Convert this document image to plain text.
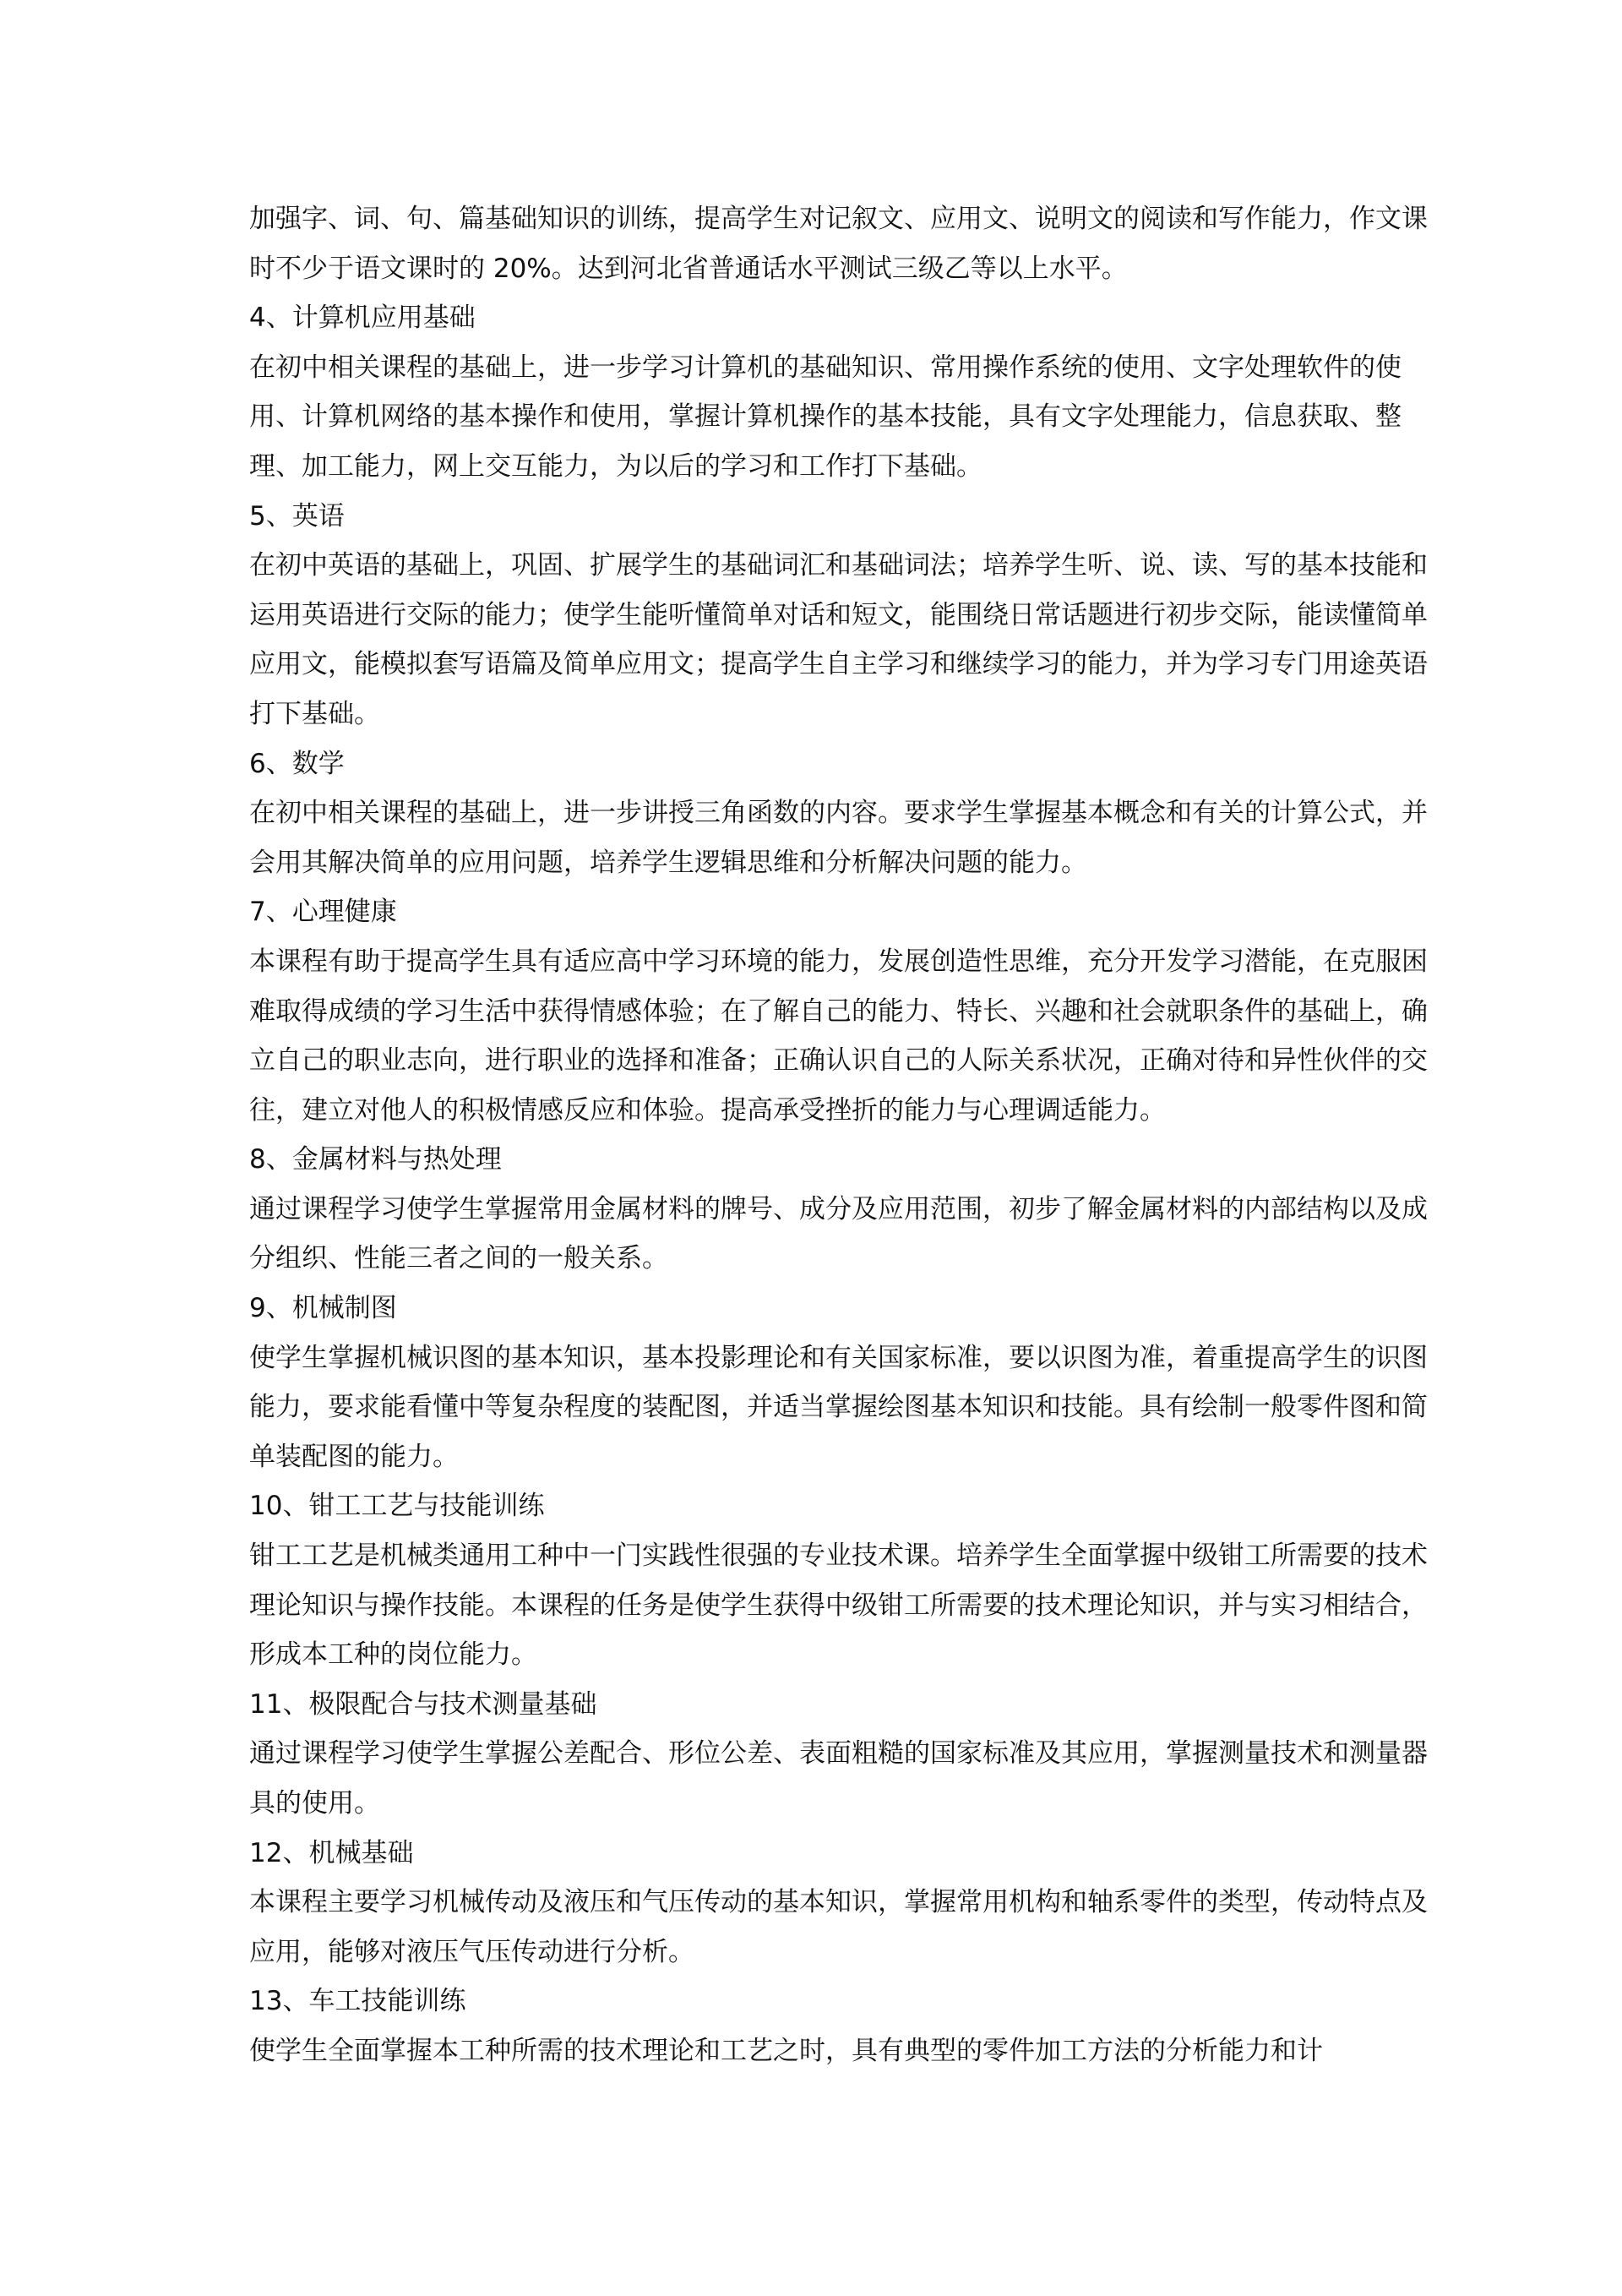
加强字、词、句、篇基础知识的训练，提高学生对记叙文、应用文、说明文的阅读和写作能力，作文课时不少于语文课时的 20%。达到河北省普通话水平测试三级乙等以上水平。

4、计算机应用基础

在初中相关课程的基础上，进一步学习计算机的基础知识、常用操作系统的使用、文字处理软件的使用、计算机网络的基本操作和使用，掌握计算机操作的基本技能，具有文字处理能力，信息获取、整理、加工能力，网上交互能力，为以后的学习和工作打下基础。

5、英语

在初中英语的基础上，巩固、扩展学生的基础词汇和基础词法；培养学生听、说、读、写的基本技能和运用英语进行交际的能力；使学生能听懂简单对话和短文，能围绕日常话题进行初步交际，能读懂简单应用文，能模拟套写语篇及简单应用文；提高学生自主学习和继续学习的能力，并为学习专门用途英语打下基础。

6、数学

在初中相关课程的基础上，进一步讲授三角函数的内容。要求学生掌握基本概念和有关的计算公式，并会用其解决简单的应用问题，培养学生逻辑思维和分析解决问题的能力。

7、心理健康

本课程有助于提高学生具有适应高中学习环境的能力，发展创造性思维，充分开发学习潜能，在克服困难取得成绩的学习生活中获得情感体验；在了解自己的能力、特长、兴趣和社会就职条件的基础上，确立自己的职业志向，进行职业的选择和准备；正确认识自己的人际关系状况，正确对待和异性伙伴的交往，建立对他人的积极情感反应和体验。提高承受挫折的能力与心理调适能力。

8、金属材料与热处理

通过课程学习使学生掌握常用金属材料的牌号、成分及应用范围，初步了解金属材料的内部结构以及成分组织、性能三者之间的一般关系。

9、机械制图

使学生掌握机械识图的基本知识，基本投影理论和有关国家标准，要以识图为准，着重提高学生的识图能力，要求能看懂中等复杂程度的装配图，并适当掌握绘图基本知识和技能。具有绘制一般零件图和简单装配图的能力。

10、钳工工艺与技能训练

钳工工艺是机械类通用工种中一门实践性很强的专业技术课。培养学生全面掌握中级钳工所需要的技术理论知识与操作技能。本课程的任务是使学生获得中级钳工所需要的技术理论知识，并与实习相结合，形成本工种的岗位能力。

11、极限配合与技术测量基础

通过课程学习使学生掌握公差配合、形位公差、表面粗糙的国家标准及其应用，掌握测量技术和测量器具的使用。

12、机械基础

本课程主要学习机械传动及液压和气压传动的基本知识，掌握常用机构和轴系零件的类型，传动特点及应用，能够对液压气压传动进行分析。

13、车工技能训练

使学生全面掌握本工种所需的技术理论和工艺之时，具有典型的零件加工方法的分析能力和计
